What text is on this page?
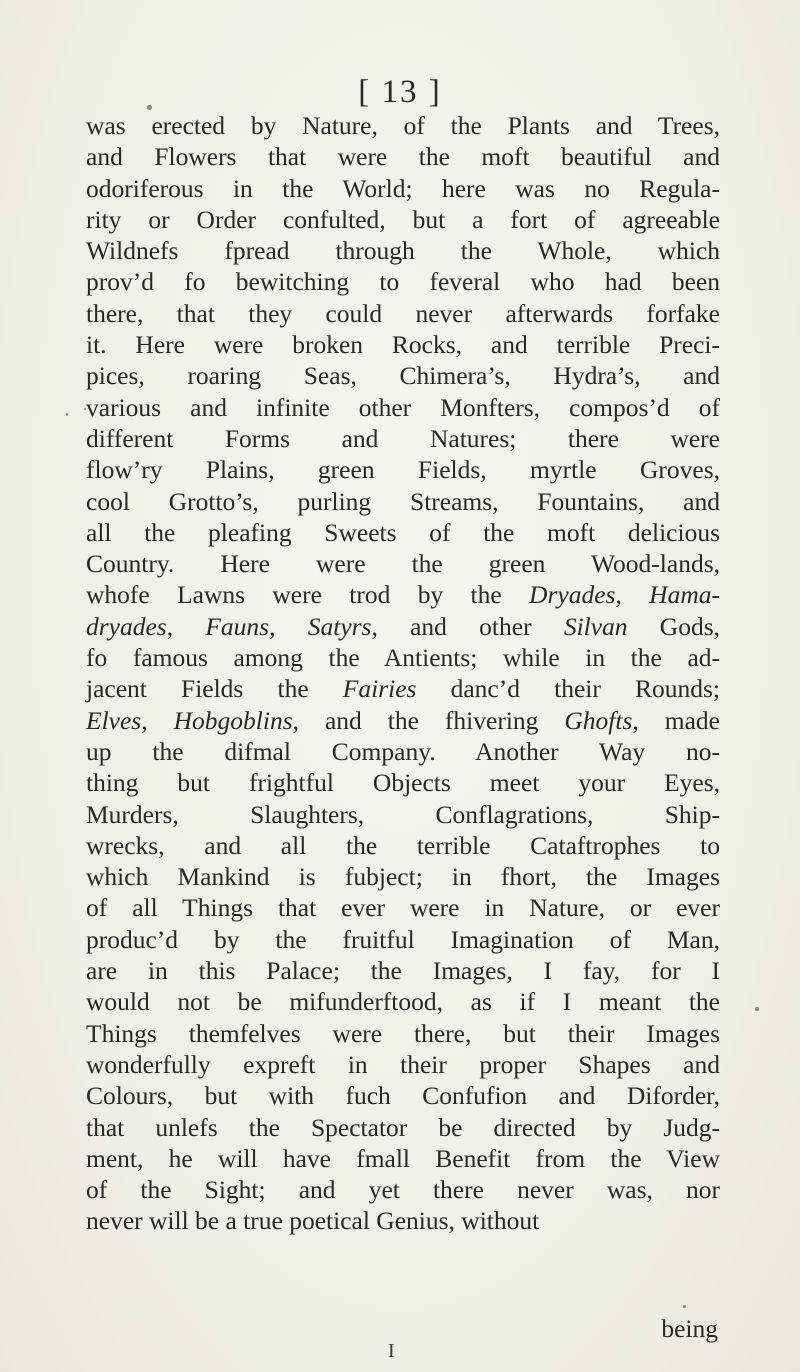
[ 13 ]
was erected by Nature, of the Plants and Trees,
and Flowers that were the moft beautiful and
odoriferous in the World; here was no Regula-
rity or Order confulted, but a fort of agreeable
Wildnefs fpread through the Whole, which
prov’d fo bewitching to feveral who had been
there, that they could never afterwards forfake
it. Here were broken Rocks, and terrible Preci-
pices, roaring Seas, Chimera’s, Hydra’s, and
various and infinite other Monfters, compos’d of
different Forms and Natures; there were
flow’ry Plains, green Fields, myrtle Groves,
cool Grotto’s, purling Streams, Fountains, and
all the pleafing Sweets of the moft delicious
Country. Here were the green Wood-lands,
whofe Lawns were trod by the Dryades, Hama-
dryades, Fauns, Satyrs, and other Silvan Gods,
fo famous among the Antients; while in the ad-
jacent Fields the Fairies danc’d their Rounds;
Elves, Hobgoblins, and the fhivering Ghofts, made
up the difmal Company. Another Way no-
thing but frightful Objects meet your Eyes,
Murders, Slaughters, Conflagrations, Ship-
wrecks, and all the terrible Cataftrophes to
which Mankind is fubject; in fhort, the Images
of all Things that ever were in Nature, or ever
produc’d by the fruitful Imagination of Man,
are in this Palace; the Images, I fay, for I
would not be mifunderftood, as if I meant the
Things themfelves were there, but their Images
wonderfully expreft in their proper Shapes and
Colours, but with fuch Confufion and Diforder,
that unlefs the Spectator be directed by Judg-
ment, he will have fmall Benefit from the View
of the Sight; and yet there never was, nor
never will be a true poetical Genius, without
being
I
